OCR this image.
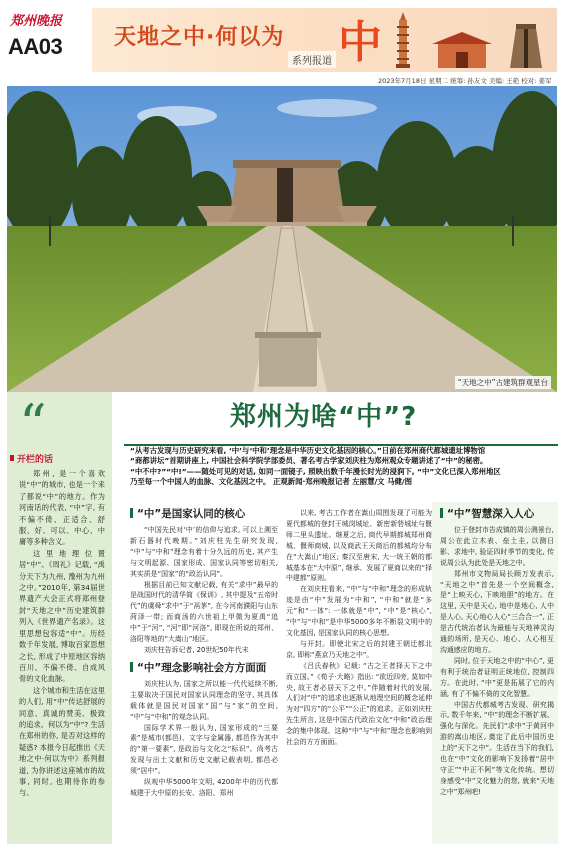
郑州晚报
AA03 天地之中·何以为 中
系列报道
2023年7月18日 星期二 统筹: 孙友文 美编: 王艳 校对: 姜军
“天地之中”古建筑群观星台
“
开栏的话

郑州, 是一个喜欢说“中”的城市, 也是一个来了都说“中”的地方。作为河南话的代表, “中”字, 有不偏不倚、正适合、舒服、好、可以、中心、中庸等多种含义。

这里地理位置居“中”。《周礼》记载, “禹分天下为九州, 豫州为九州之中。”2010年, 第34届世界遗产大会正式将郑州登封“天地之中”历史建筑群列入《世界遗产名录》。这里思想包容适“中”。历经数千年发展, 博取百家思想之长, 形成了中原地区容纳百川、不偏不倚、自成风骨的文化血脉。

这个城市和生活在这里的人们, 用“中”传达舒展的同意、真诚的赞美、极致的追求。何以为“中”? 生活在郑州的你, 是否对这样的疑惑? 本报今日起推出《天地之中·何以为中》系列报道, 为你讲述这座城市的故事, 同时, 也期待你的参与。

郑州为啥“中”?
“从考古发现与历史研究来看, ‘中’与‘中和’理念是中华历史文化基因的核心。”日前在郑州商代都城遗址博物馆
“商都讲坛”首期讲座上, 中国社会科学院学部委员、著名考古学家刘庆柱为郑州观众专题讲述了“中”的秘密。
“中不中?”“中!”——随处可见的对话, 如同一面镜子, 照映出数千年漫长时光的浸润下, “中”文化已深入郑州地区
乃至每一个中国人的血脉、文化基因之中。 正观新闻·郑州晚报记者 左丽慧/文 马健/图
“中”是国家认同的核心

“中国先民对‘中’的信仰与追求, 可以上溯至新石器时代晚期。”刘庆柱先生研究发现, “中”与“中和”理念有着十分久远的历史, 其产生与文明起源、国家形成、国家认同等密切相关, 其实质是“国家”的“政治认同”。

根据目前已知文献记载, 有关“求中”最早的是战国时代的清华简《保训》, 其中提及“五帝时代”的虞舜“求中”于“鬲茅”, 在今河南濮阳与山东菏泽一带; 而商汤的六世祖上甲微为夏禹“追中”于“河”, “河”即“河洛”, 即现在所说的郑州、洛阳等地的“大嵩山”地区。

刘庆柱告诉记者, 20世纪50年代末

“中”理念影响社会方方面面

刘庆柱认为, 国家之所以能一代代延续不断, 主要取决于国民对国家认同理念的坚守, 其具体载体就是国民对国家“国”与“家”的空间, “中”与“中和”的观念认同。

国际学术界一般认为, 国家形成的“三要素”是城市(都邑)、文字与金属器, 都邑作为其中的“第一要素”, 是政治与文化之“标识”。尚考古发现与出土文献和历史文献记载表明, 都邑必须“居中”。

纵观中华5000年文明, 4200年中的历代都城建于大中原的长安、洛阳、郑州

以来, 考古工作者在嵩山周围发现了可能为夏代都城的登封王城岗城址、新密新砦城址与偃师二里头遗址。继夏之后, 商代早期都城郑州商城、偃师商城, 以及商武王天商后的都城均分布在“大嵩山”地区; 秦汉至唐宋, 大一统王朝的都城基本在“大中原”, 继承、发展了夏商以来的“择中建都”原则。

在刘庆柱看来, “中”与“中和”理念的形成轨迹是由“中”发展为“中和”, “中和”就是“多元”和“一体”: 一体就是“中”, “中”是“核心”, “中”与“中和”是中华5000多年不断裂文明中的文化基因, 是国家认同的核心思想。

与开封。即使北宋之后的封建王朝迁都北京, 即称“燕京乃天地之中”。

《吕氏春秋》记载: “古之王者择天下之中而立国。”《荀子·大略》指出: “欲近四旁, 莫如中央, 故王者必居天下之中。”伴随着时代的发展, 人们对“中”的追求也逐渐从地理空间的概念延伸为对“四方”的“公平”“公正”的追求。正如刘庆柱先生所言, 这是中国古代政治文化“中和”政治理念的集中体现。这种“中”与“中和”理念也影响到社会的方方面面。

“中”智慧深入人心

位于登封市告成镇的周公测景台, 周公在此立木表、垒土圭, 以测日影、求地中, 验证四时季节的变化, 传说周公认为此处是天地之中。

郑州市文物局局长顾万发表示, “天地之中”首先是一个空间概念, 是“上映天心, 下映地胆”的地方。在这里, 天中是天心, 地中是地心, 人中是人心, 天心地心人心“三合合一”, 正是古代统治者认为最能与天地神灵沟通的场所, 是天心、地心、人心相互沟通感应的地方。

同时, 位于天地之中的“中心”, 更有利于统治者证明正统地位, 控制四方。在此时, “中”更是拓展了它的内涵, 有了不偏不倚的文化智慧。

中国古代都城考古发现、研究揭示, 数千年来, “中”的理念不断扩展、强化与深化。先民们“求中”于黄河中游的嵩山地区, 奠定了此后中国历史上的“天下之中”。生活在当下的我们, 也在“中”文化的影响下发扬着“居中守正”“中正不阿”等文化传统。想切身感受“中”文化魅力的您, 就来“天地之中”郑州吧!
